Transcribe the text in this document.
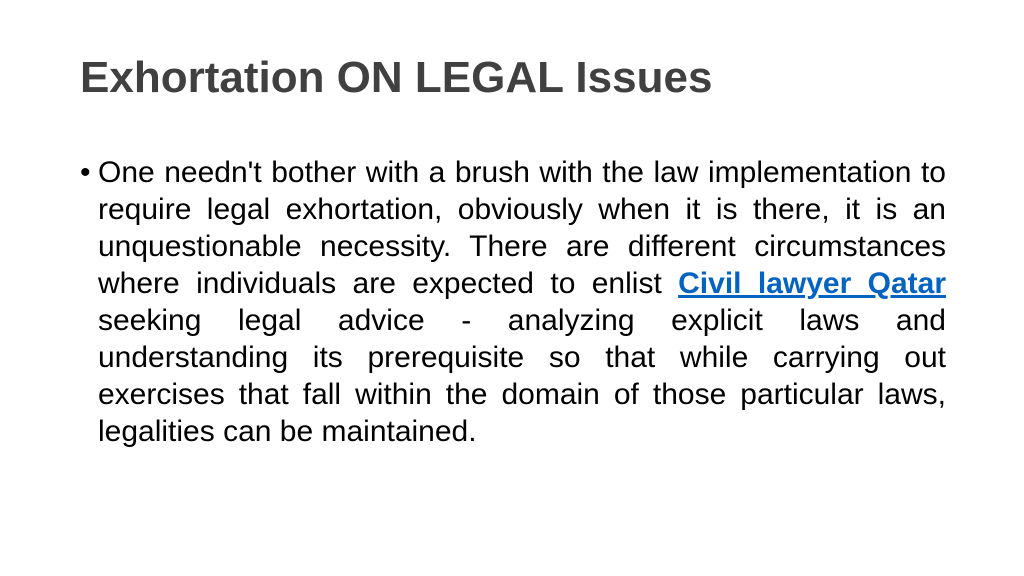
Exhortation ON LEGAL Issues
• One needn't bother with a brush with the law implementation to require legal exhortation, obviously when it is there, it is an unquestionable necessity. There are different circumstances where individuals are expected to enlist Civil lawyer Qatar seeking legal advice - analyzing explicit laws and understanding its prerequisite so that while carrying out exercises that fall within the domain of those particular laws, legalities can be maintained.
